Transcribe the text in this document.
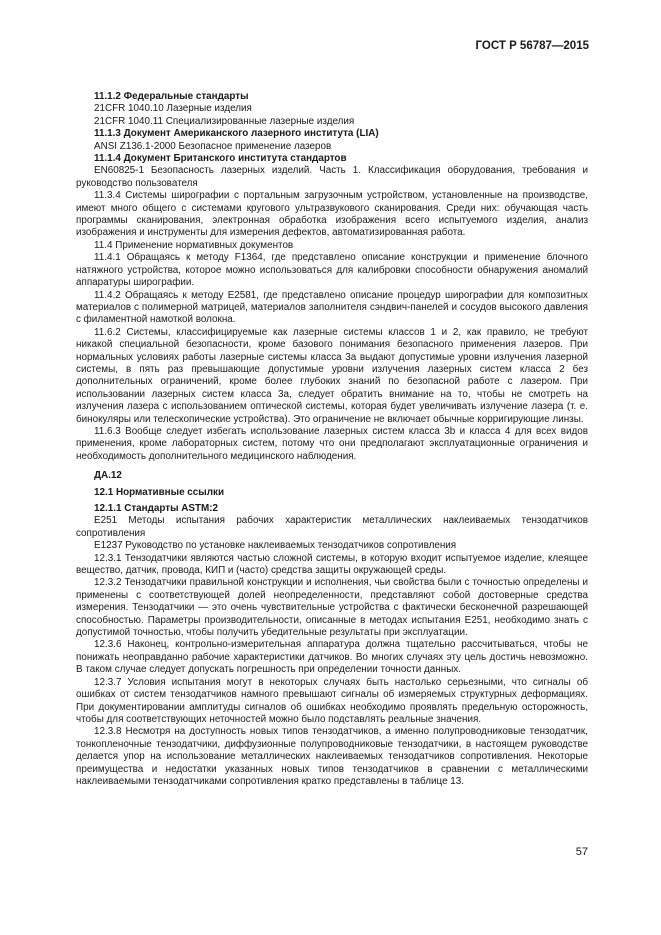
ГОСТ Р 56787—2015

11.1.2 Федеральные стандарты

21CFR 1040.10 Лазерные изделия

21CFR 1040.11 Специализированные лазерные изделия

11.1.3 Документ Американского лазерного института (LIA)

ANSI Z136.1-2000 Безопасное применение лазеров

11.1.4 Документ Британского института стандартов

EN60825-1 Безопасность лазерных изделий. Часть 1. Классификация оборудования, требования и руководство пользователя

11.3.4 Системы ширографии с портальным загрузочным устройством, установленные на производстве, имеют много общего с системами кругового ультразвукового сканирования. Среди них: обучающая часть программы сканирования, электронная обработка изображения всего испытуемого изделия, анализ изображения и инструменты для измерения дефектов, автоматизированная работа.

11.4 Применение нормативных документов

11.4.1 Обращаясь к методу F1364, где представлено описание конструкции и применение блочного натяжного устройства, которое можно использоваться для калибровки способности обнаружения аномалий аппаратуры ширографии.

11.4.2 Обращаясь к методу E2581, где представлено описание процедур ширографии для композитных материалов с полимерной матрицей, материалов заполнителя сэндвич-панелей и сосудов высокого давления с филаментной намоткой волокна.

11.6.2 Системы, классифицируемые как лазерные системы классов 1 и 2, как правило, не требуют никакой специальной безопасности, кроме базового понимания безопасного применения лазеров. При нормальных условиях работы лазерные системы класса 3а выдают допустимые уровни излучения лазерной системы, в пять раз превышающие допустимые уровни излучения лазерных систем класса 2 без дополнительных ограничений, кроме более глубоких знаний по безопасной работе с лазером. При использовании лазерных систем класса 3а, следует обратить внимание на то, чтобы не смотреть на излучения лазера с использованием оптической системы, которая будет увеличивать излучение лазера (т. е. бинокуляры или телескопические устройства). Это ограничение не включает обычные корригирующие линзы.

11.6.3 Вообще следует избегать использование лазерных систем класса 3b и класса 4 для всех видов применения, кроме лабораторных систем, потому что они предполагают эксплуатационные ограничения и необходимость дополнительного медицинского наблюдения.

ДА.12

12.1 Нормативные ссылки

12.1.1 Стандарты ASTM:2

E251 Методы испытания рабочих характеристик металлических наклеиваемых тензодатчиков сопротивления

E1237 Руководство по установке наклеиваемых тензодатчиков сопротивления

12.3.1 Тензодатчики являются частью сложной системы, в которую входит испытуемое изделие, клеящее вещество, датчик, провода, КИП и (часто) средства защиты окружающей среды.

12.3.2 Тензодатчики правильной конструкции и исполнения, чьи свойства были с точностью определены и применены с соответствующей долей неопределенности, представляют собой достоверные средства измерения. Тензодатчики — это очень чувствительные устройства с фактически бесконечной разрешающей способностью. Параметры производительности, описанные в методах испытания E251, необходимо знать с допустимой точностью, чтобы получить убедительные результаты при эксплуатации.

12.3.6 Наконец, контрольно-измерительная аппаратура должна тщательно рассчитываться, чтобы не понижать неоправданно рабочие характеристики датчиков. Во многих случаях эту цель достичь невозможно. В таком случае следует допускать погрешность при определении точности данных.

12.3.7 Условия испытания могут в некоторых случаях быть настолько серьезными, что сигналы об ошибках от систем тензодатчиков намного превышают сигналы об измеряемых структурных деформациях. При документировании амплитуды сигналов об ошибках необходимо проявлять предельную осторожность, чтобы для соответствующих неточностей можно было подставлять реальные значения.

12.3.8 Несмотря на доступность новых типов тензодатчиков, а именно полупроводниковые тензодатчик, тонкопленочные тензодатчики, диффузионные полупроводниковые тензодатчики, в настоящем руководстве делается упор на использование металлических наклеиваемых тензодатчиков сопротивления. Некоторые преимущества и недостатки указанных новых типов тензодатчиков в сравнении с металлическими наклеиваемыми тензодатчиками сопротивления кратко представлены в таблице 13.

57
